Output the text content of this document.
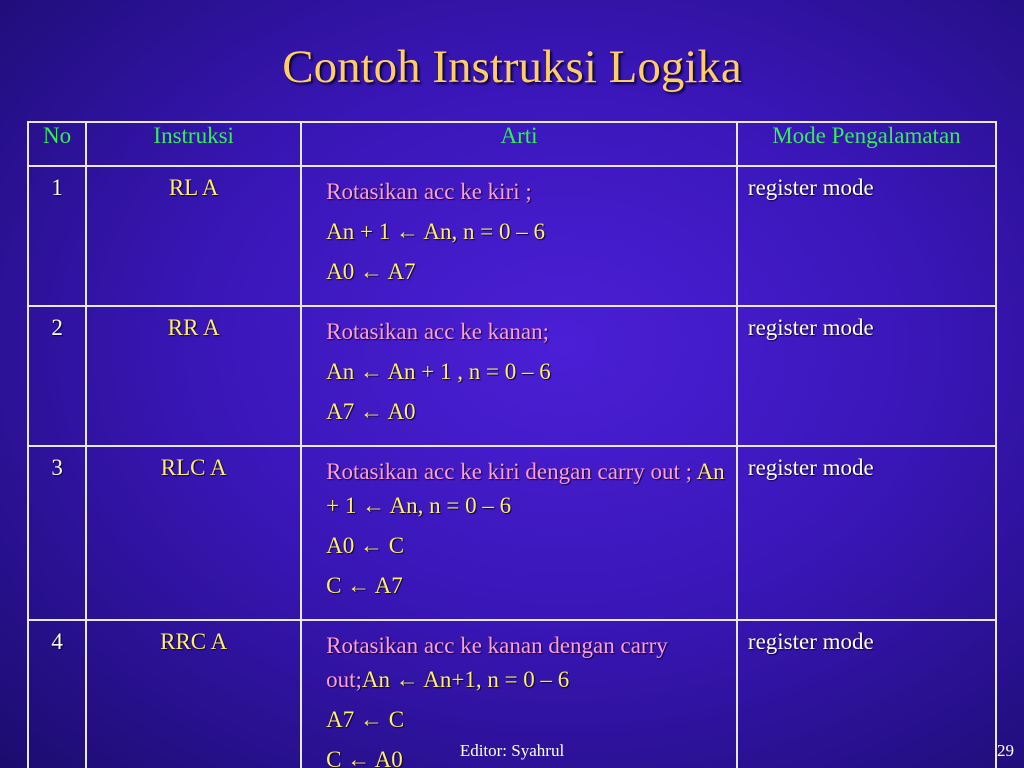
Contoh Instruksi Logika
No	Instruksi	Arti	Mode Pengalamatan
1	RL A	Rotasikan acc ke kiri ;
An + 1 ← An, n = 0 – 6
A0 ← A7	register mode
2	RR A	Rotasikan acc ke kanan;
An ← An + 1 , n = 0 – 6
A7 ← A0	register mode
3	RLC A	Rotasikan acc ke kiri dengan carry out ; An + 1 ← An, n = 0 – 6
A0 ← C
C ← A7	register mode
4	RRC A	Rotasikan acc ke kanan dengan carry out;An ← An+1, n = 0 – 6
A7 ← C
C ← A0	register mode
Editor: Syahrul	29
